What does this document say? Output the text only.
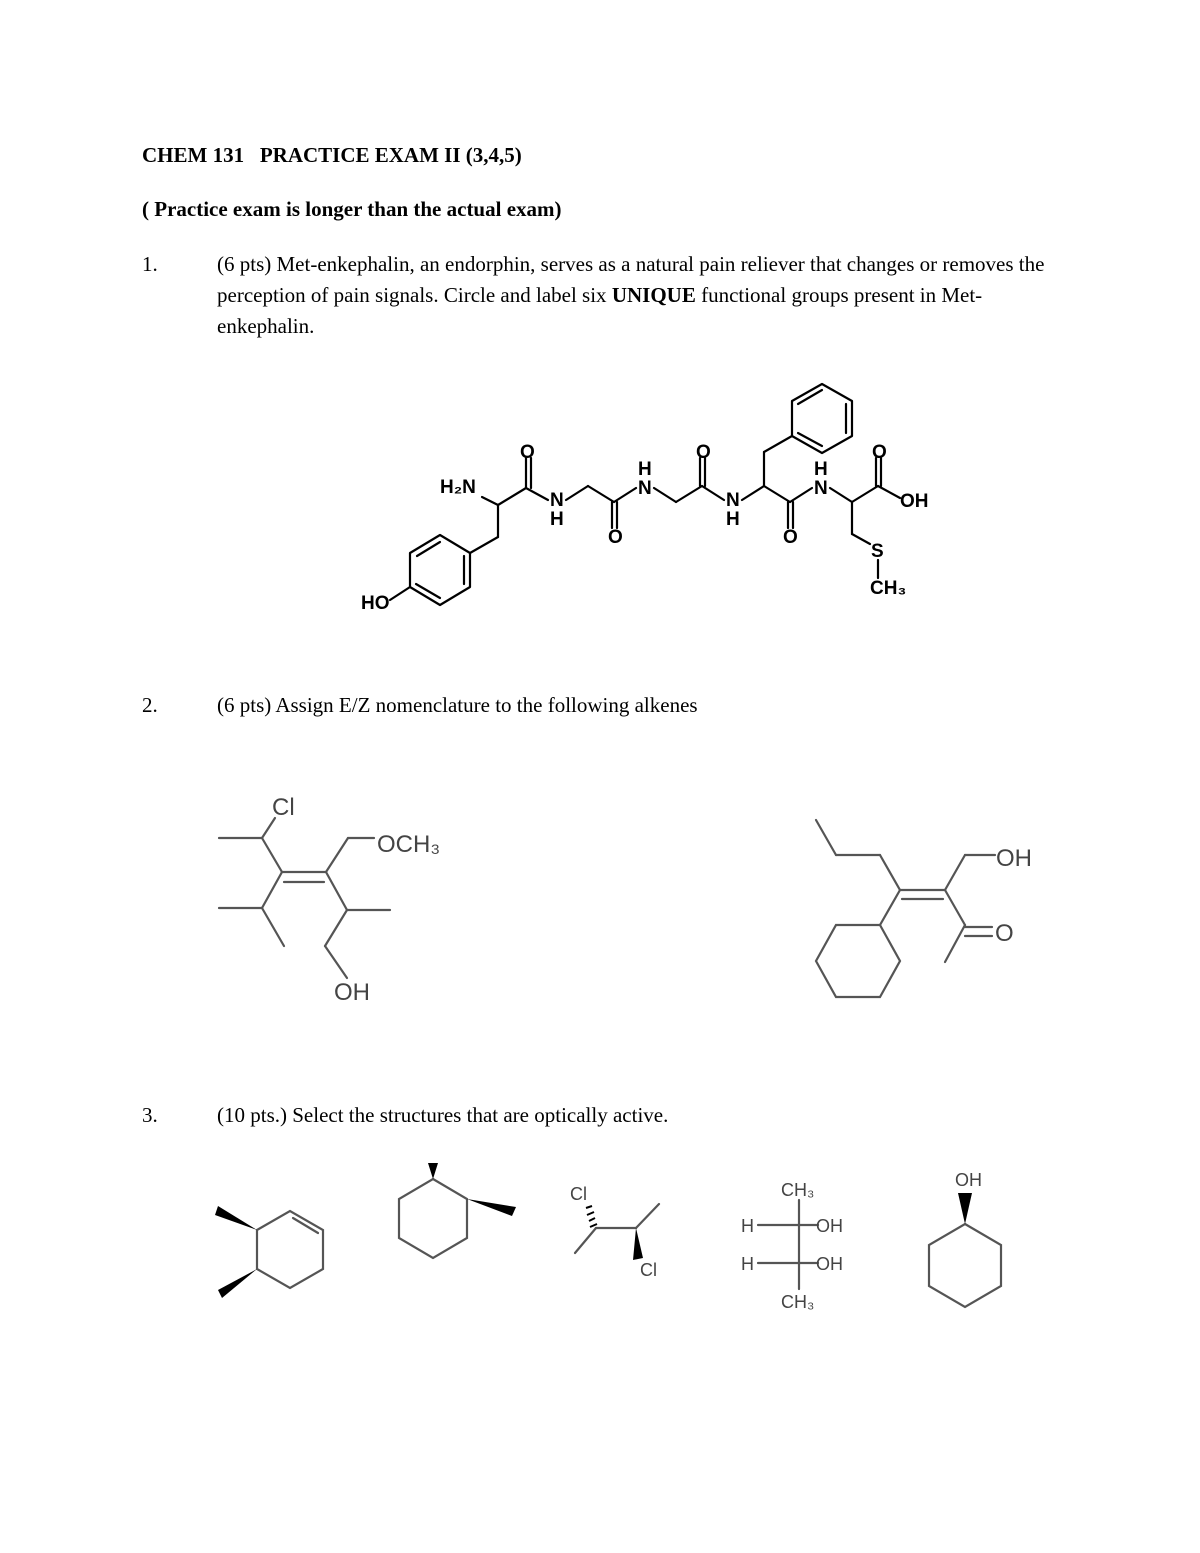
CHEM 131   PRACTICE EXAM II (3,4,5)
( Practice exam is longer than the actual exam)
1.	(6 pts) Met-enkephalin, an endorphin, serves as a natural pain reliever that changes or removes the perception of pain signals. Circle and label six UNIQUE functional groups present in Met-enkephalin.
H₂N
O
N
H
O
H
N
O
N
H
O
H
N
O
OH
HO
S
CH₃
2.	(6 pts) Assign E/Z nomenclature to the following alkenes
Cl
OCH₃
OH
OH
O
3.	(10 pts.) Select the structures that are optically active.
Cl
Cl
CH₃
H	OH
H	OH
CH₃
OH
